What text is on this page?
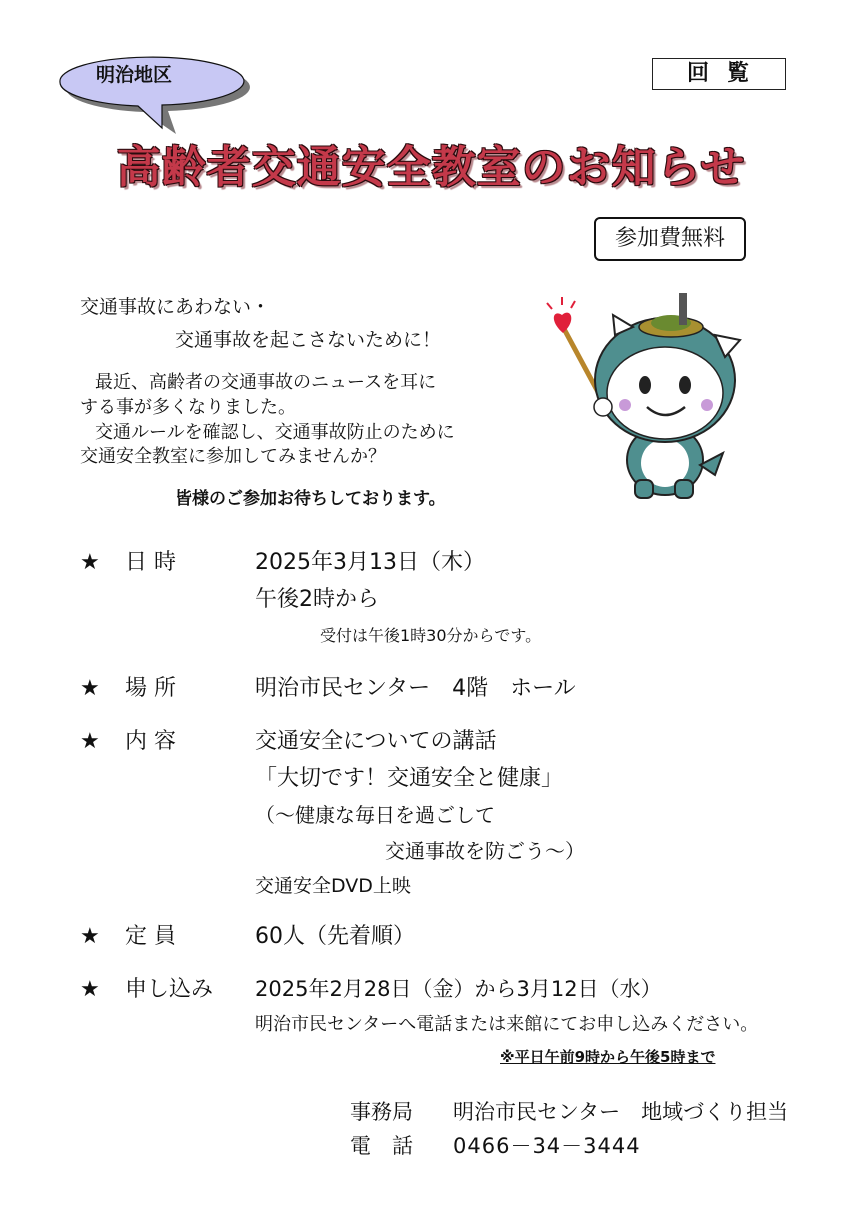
明治地区	回覧
高齢者交通安全教室のお知らせ
参加費無料
交通事故にあわない・
交通事故を起こさないために！
最近、高齢者の交通事故のニュースを耳に
する事が多くなりました。
交通ルールを確認し、交通事故防止のために
交通安全教室に参加してみませんか？
皆様のご参加お待ちしております。
★ 日 時	2025年3月13日（木）
午後2時から
受付は午後1時30分からです。
★ 場 所	明治市民センター　4階　ホール
★ 内 容	交通安全についての講話
「大切です！交通安全と健康」
（～健康な毎日を過ごして
交通事故を防ごう～）
交通安全DVD上映
★ 定 員	60人（先着順）
★ 申し込み 2025年2月28日（金）から3月12日（水）
明治市民センターへ電話または来館にてお申し込みください。
※平日午前9時から午後5時まで
事務局 明治市民センター　地域づくり担当
電　話 0466－34－3444
